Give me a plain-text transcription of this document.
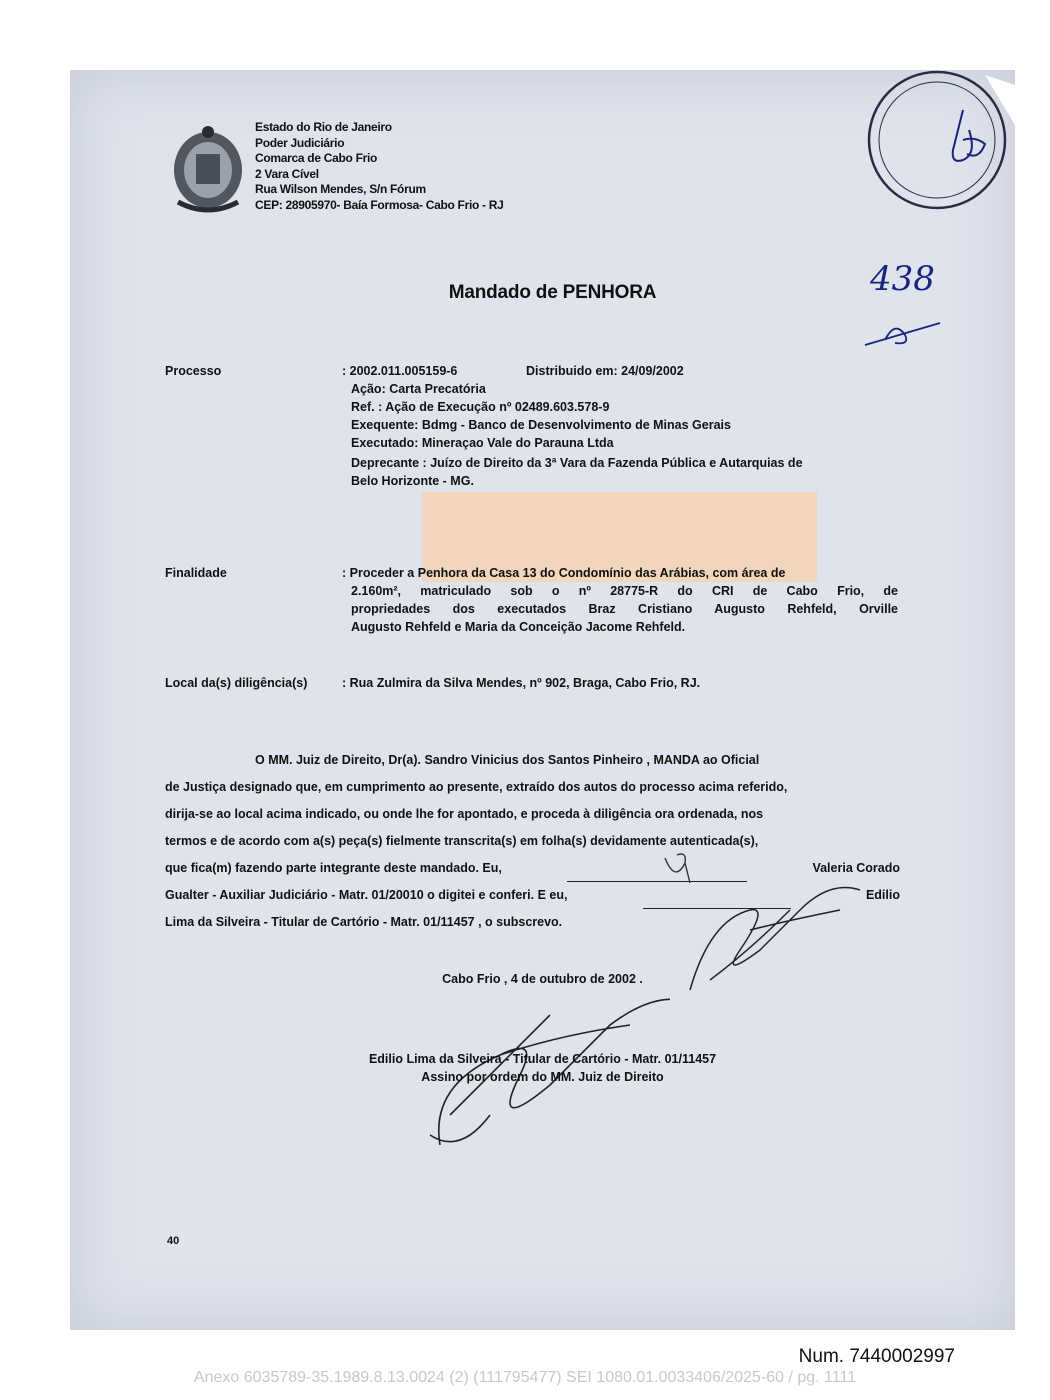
Estado do Rio de Janeiro
Poder Judiciário
Comarca de Cabo Frio
2 Vara Cível
Rua Wilson Mendes, S/n Fórum
CEP: 28905970- Baía Formosa- Cabo Frio - RJ
438
Mandado de PENHORA
Processo	: 2002.011.005159-6	Distribuido em: 24/09/2002
Ação: Carta Precatória
Ref. : Ação de Execução nº 02489.603.578-9
Exequente: Bdmg - Banco de Desenvolvimento de Minas Gerais
Executado: Mineraçao Vale do Parauna Ltda
Deprecante : Juízo de Direito da 3ª Vara da Fazenda Pública e Autarquias de
Belo Horizonte - MG.
Finalidade	: Proceder a Penhora da Casa 13 do Condomínio das Arábias, com área de
2.160m², matriculado sob o nº 28775-R do CRI de Cabo Frio, de
propriedades dos executados Braz Cristiano Augusto Rehfeld, Orville
Augusto Rehfeld e Maria da Conceição Jacome Rehfeld.
Local da(s) diligência(s)	: Rua Zulmira da Silva Mendes, nº 902, Braga, Cabo Frio, RJ.
O MM. Juiz de Direito, Dr(a). Sandro Vinicius dos Santos Pinheiro , MANDA ao Oficial
de Justiça designado que, em cumprimento ao presente, extraído dos autos do processo acima referido,
dirija-se ao local acima indicado, ou onde lhe for apontado, e proceda à diligência ora ordenada, nos
termos e de acordo com a(s) peça(s) fielmente transcrita(s) em folha(s) devidamente autenticada(s),
que fica(m) fazendo parte integrante deste mandado. Eu,	Valeria Corado
Gualter - Auxiliar Judiciário - Matr. 01/20010 o digitei e conferi. E eu,	Edilio
Lima da Silveira - Titular de Cartório - Matr. 01/11457 , o subscrevo.
Cabo Frio , 4 de outubro de 2002 .
Edilio Lima da Silveira - Titular de Cartório - Matr. 01/11457
Assino por ordem do MM. Juiz de Direito
40
Num. 7440002997
Anexo 6035789-35.1989.8.13.0024 (2) (111795477) SEI 1080.01.0033406/2025-60 / pg. 1111
